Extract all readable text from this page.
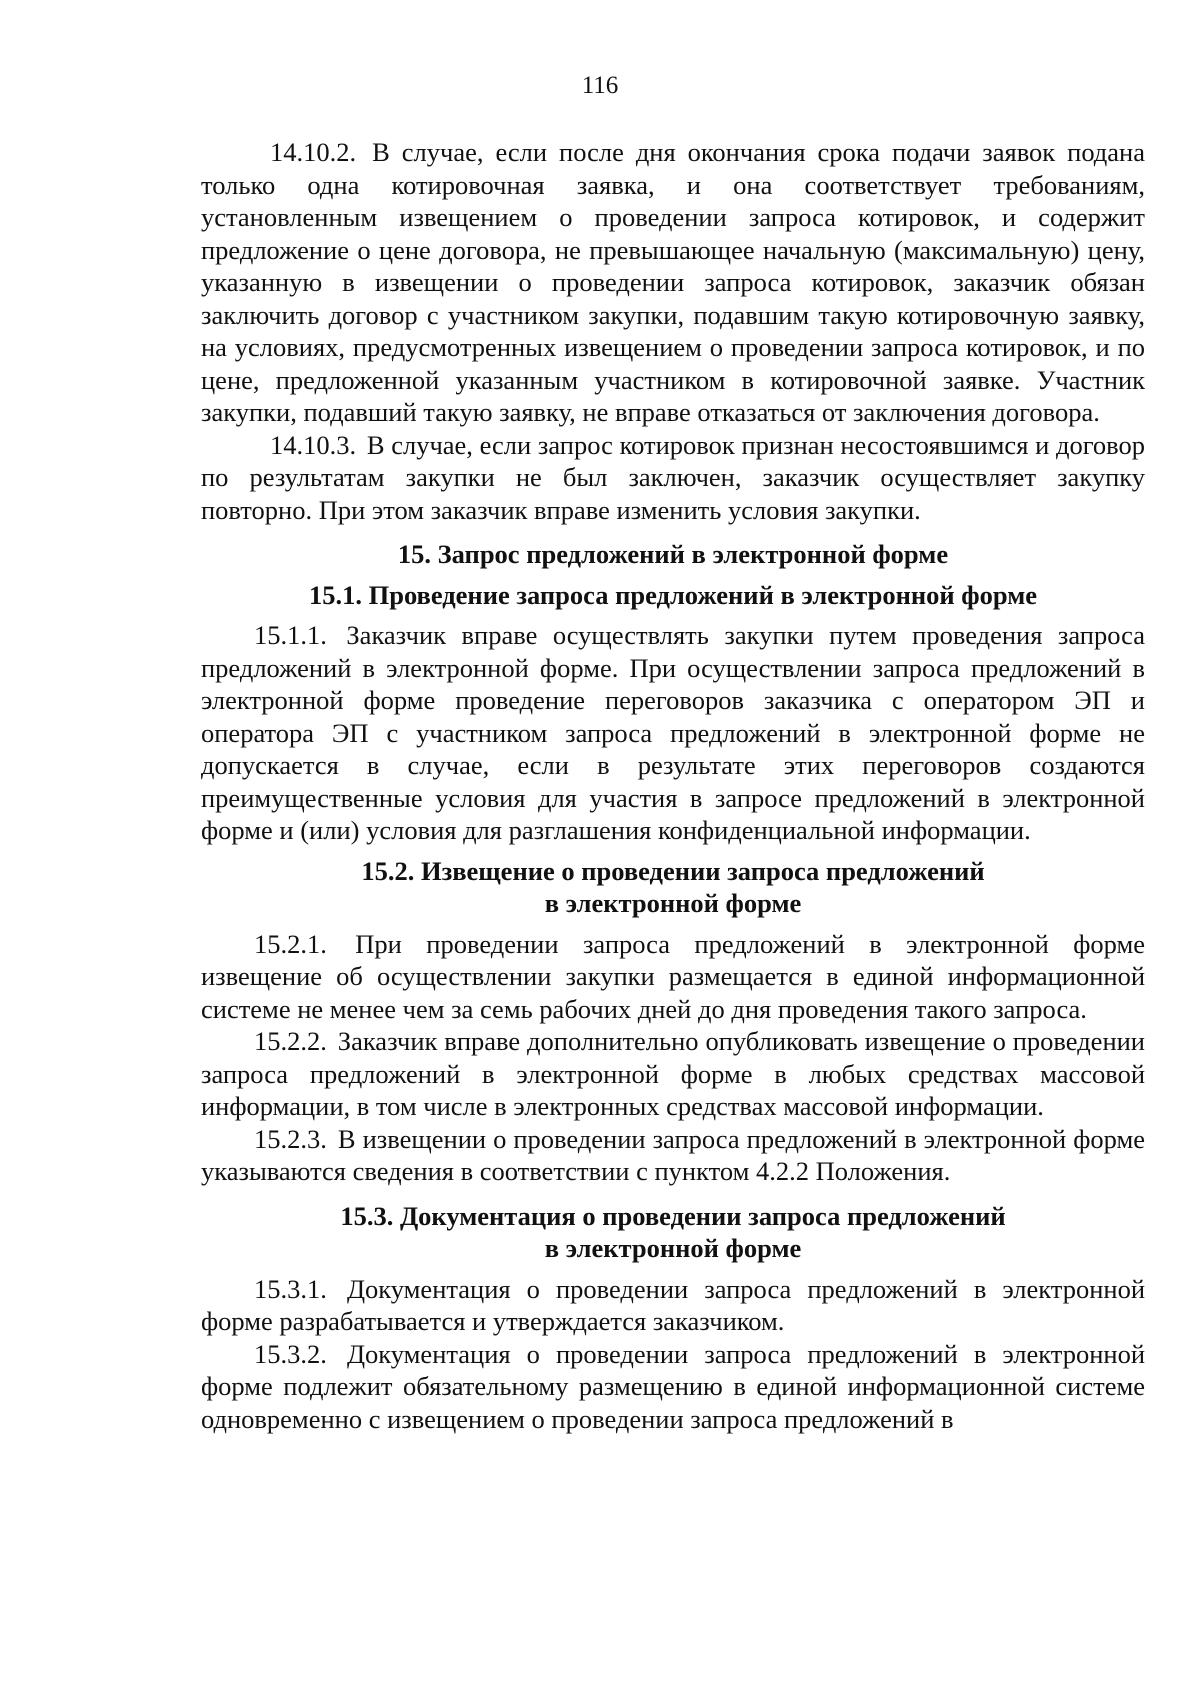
116

14.10.2. В случае, если после дня окончания срока подачи заявок подана только одна котировочная заявка, и она соответствует требованиям, установленным извещением о проведении запроса котировок, и содержит предложение о цене договора, не превышающее начальную (максимальную) цену, указанную в извещении о проведении запроса котировок, заказчик обязан заключить договор с участником закупки, подавшим такую котировочную заявку, на условиях, предусмотренных извещением о проведении запроса котировок, и по цене, предложенной указанным участником в котировочной заявке. Участник закупки, подавший такую заявку, не вправе отказаться от заключения договора.

14.10.3. В случае, если запрос котировок признан несостоявшимся и договор по результатам закупки не был заключен, заказчик осуществляет закупку повторно. При этом заказчик вправе изменить условия закупки.

15. Запрос предложений в электронной форме
15.1. Проведение запроса предложений в электронной форме

15.1.1. Заказчик вправе осуществлять закупки путем проведения запроса предложений в электронной форме. При осуществлении запроса предложений в электронной форме проведение переговоров заказчика с оператором ЭП и оператора ЭП с участником запроса предложений в электронной форме не допускается в случае, если в результате этих переговоров создаются преимущественные условия для участия в запросе предложений в электронной форме и (или) условия для разглашения конфиденциальной информации.

15.2. Извещение о проведении запроса предложений
в электронной форме

15.2.1. При проведении запроса предложений в электронной форме извещение об осуществлении закупки размещается в единой информационной системе не менее чем за семь рабочих дней до дня проведения такого запроса.

15.2.2. Заказчик вправе дополнительно опубликовать извещение о проведении запроса предложений в электронной форме в любых средствах массовой информации, в том числе в электронных средствах массовой информации.

15.2.3. В извещении о проведении запроса предложений в электронной форме указываются сведения в соответствии с пунктом 4.2.2 Положения.

15.3. Документация о проведении запроса предложений
в электронной форме

15.3.1. Документация о проведении запроса предложений в электронной форме разрабатывается и утверждается заказчиком.

15.3.2. Документация о проведении запроса предложений в электронной форме подлежит обязательному размещению в единой информационной системе одновременно с извещением о проведении запроса предложений в
